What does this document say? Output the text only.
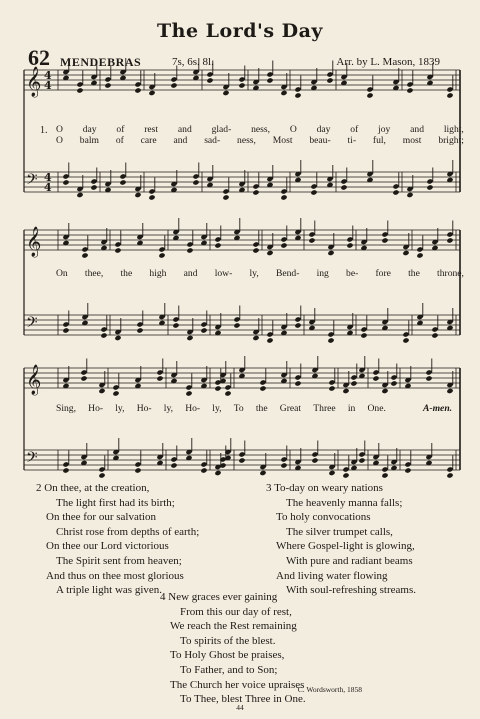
The Lord's Day
62 MENDEBRAS	7s, 6s. 8l.	Arr. by L. Mason, 1839
𝄞
𝄢
4
4
4
4
𝄞
𝄢
𝄞
𝄢
1. O day of rest and glad- ness, O day of joy and light,
O balm of care and sad- ness, Most beau- ti- ful, most bright;
On thee, the high and low- ly, Bend- ing be- fore the throne,
Sing, Ho- ly, Ho- ly, Ho- ly, To the Great Three in One.	A-men.
2 On thee, at the creation,
The light first had its birth;
On thee for our salvation
Christ rose from depths of earth;
On thee our Lord victorious
The Spirit sent from heaven;
And thus on thee most glorious
A triple light was given.
3 To-day on weary nations
The heavenly manna falls;
To holy convocations
The silver trumpet calls,
Where Gospel-light is glowing,
With pure and radiant beams
And living water flowing
With soul-refreshing streams.
4 New graces ever gaining
From this our day of rest,
We reach the Rest remaining
To spirits of the blest.
To Holy Ghost be praises,
To Father, and to Son;
The Church her voice upraises
To Thee, blest Three in One.
C. Wordsworth, 1858
44
